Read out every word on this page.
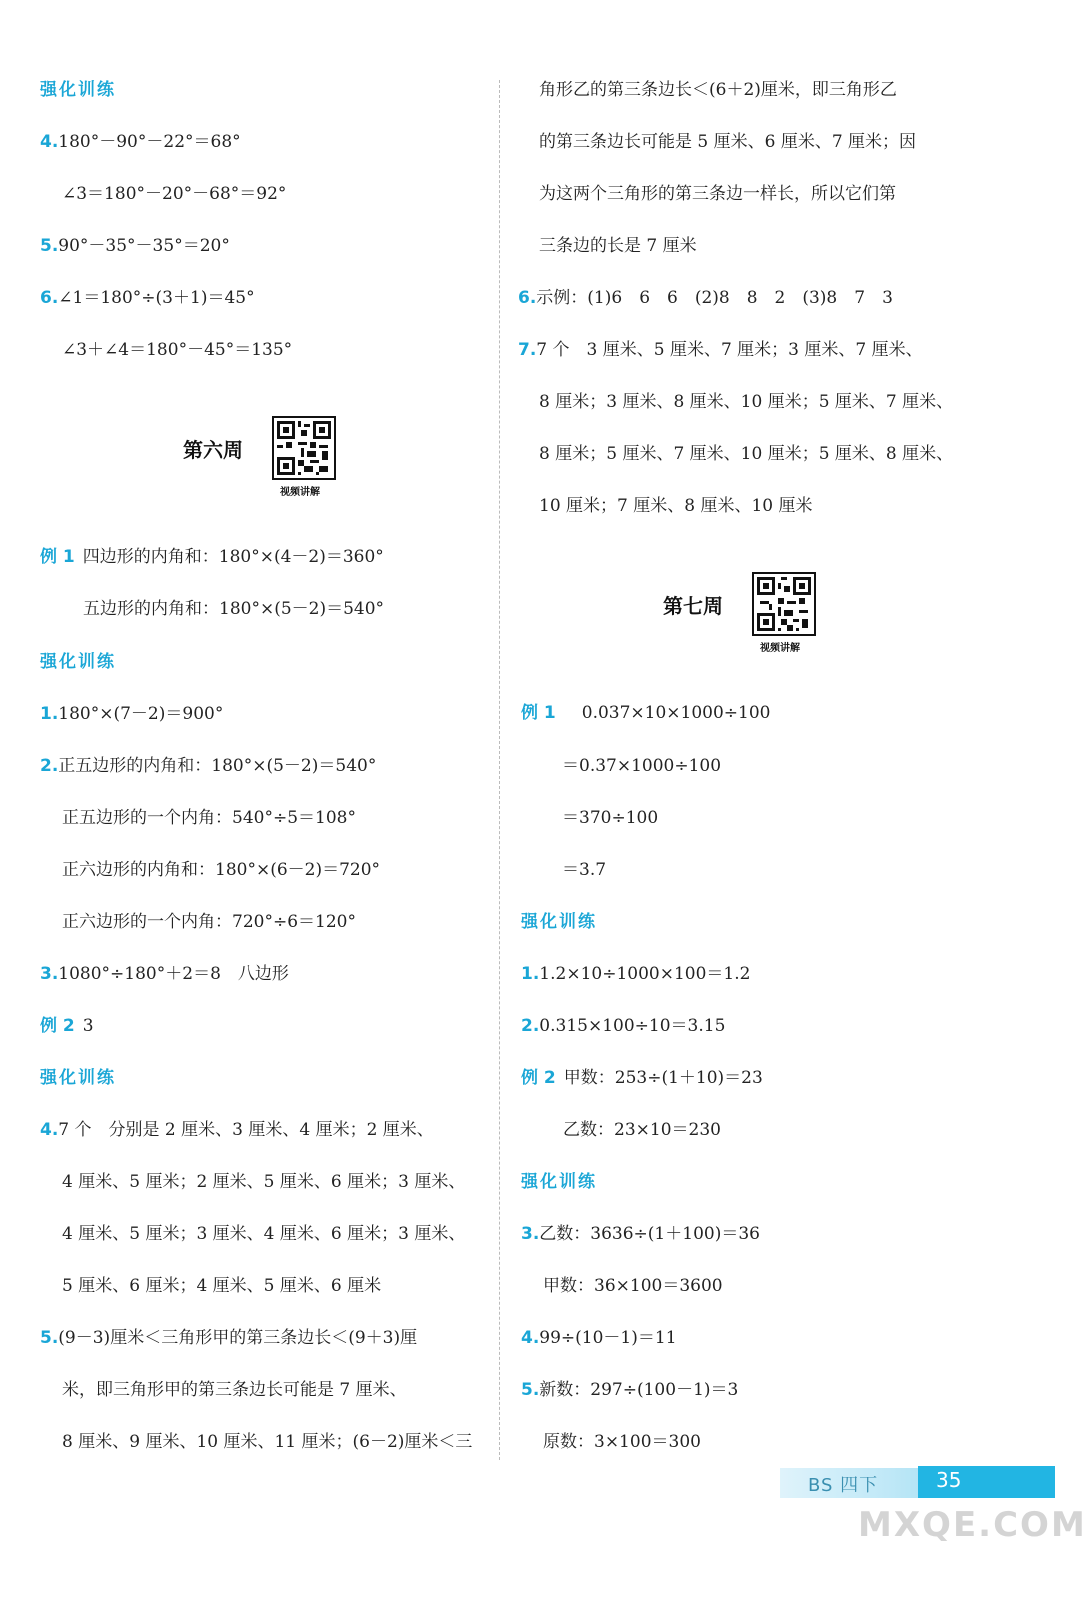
强化训练
4.180°－90°－22°＝68°
∠3＝180°－20°－68°＝92°
5.90°－35°－35°＝20°
6.∠1＝180°÷(3＋1)＝45°
∠3＋∠4＝180°－45°＝135°
第六周
视频讲解
例 1 四边形的内角和：180°×(4－2)＝360°
五边形的内角和：180°×(5－2)＝540°
强化训练
1.180°×(7－2)＝900°
2.正五边形的内角和：180°×(5－2)＝540°
正五边形的一个内角：540°÷5＝108°
正六边形的内角和：180°×(6－2)＝720°
正六边形的一个内角：720°÷6＝120°
3.1080°÷180°＋2＝8　八边形
例 2 3
强化训练
4.7 个　分别是 2 厘米、3 厘米、4 厘米；2 厘米、
4 厘米、5 厘米；2 厘米、5 厘米、6 厘米；3 厘米、
4 厘米、5 厘米；3 厘米、4 厘米、6 厘米；3 厘米、
5 厘米、6 厘米；4 厘米、5 厘米、6 厘米
5.(9－3)厘米＜三角形甲的第三条边长＜(9＋3)厘
米，即三角形甲的第三条边长可能是 7 厘米、
8 厘米、9 厘米、10 厘米、11 厘米；(6－2)厘米＜三
角形乙的第三条边长＜(6＋2)厘米，即三角形乙
的第三条边长可能是 5 厘米、6 厘米、7 厘米；因
为这两个三角形的第三条边一样长，所以它们第
三条边的长是 7 厘米
6.示例：(1)6　6　6　(2)8　8　2　(3)8　7　3
7.7 个　3 厘米、5 厘米、7 厘米；3 厘米、7 厘米、
8 厘米；3 厘米、8 厘米、10 厘米；5 厘米、7 厘米、
8 厘米；5 厘米、7 厘米、10 厘米；5 厘米、8 厘米、
10 厘米；7 厘米、8 厘米、10 厘米
第七周
视频讲解
例 1 0.037×10×1000÷100
＝0.37×1000÷100
＝370÷100
＝3.7
强化训练
1.1.2×10÷1000×100＝1.2
2.0.315×100÷10＝3.15
例 2 甲数：253÷(1＋10)＝23
乙数：23×10＝230
强化训练
3.乙数：3636÷(1＋100)＝36
甲数：36×100＝3600
4.99÷(10－1)＝11
5.新数：297÷(100－1)＝3
原数：3×100＝300
BS 四下	35
MXQE.COM
